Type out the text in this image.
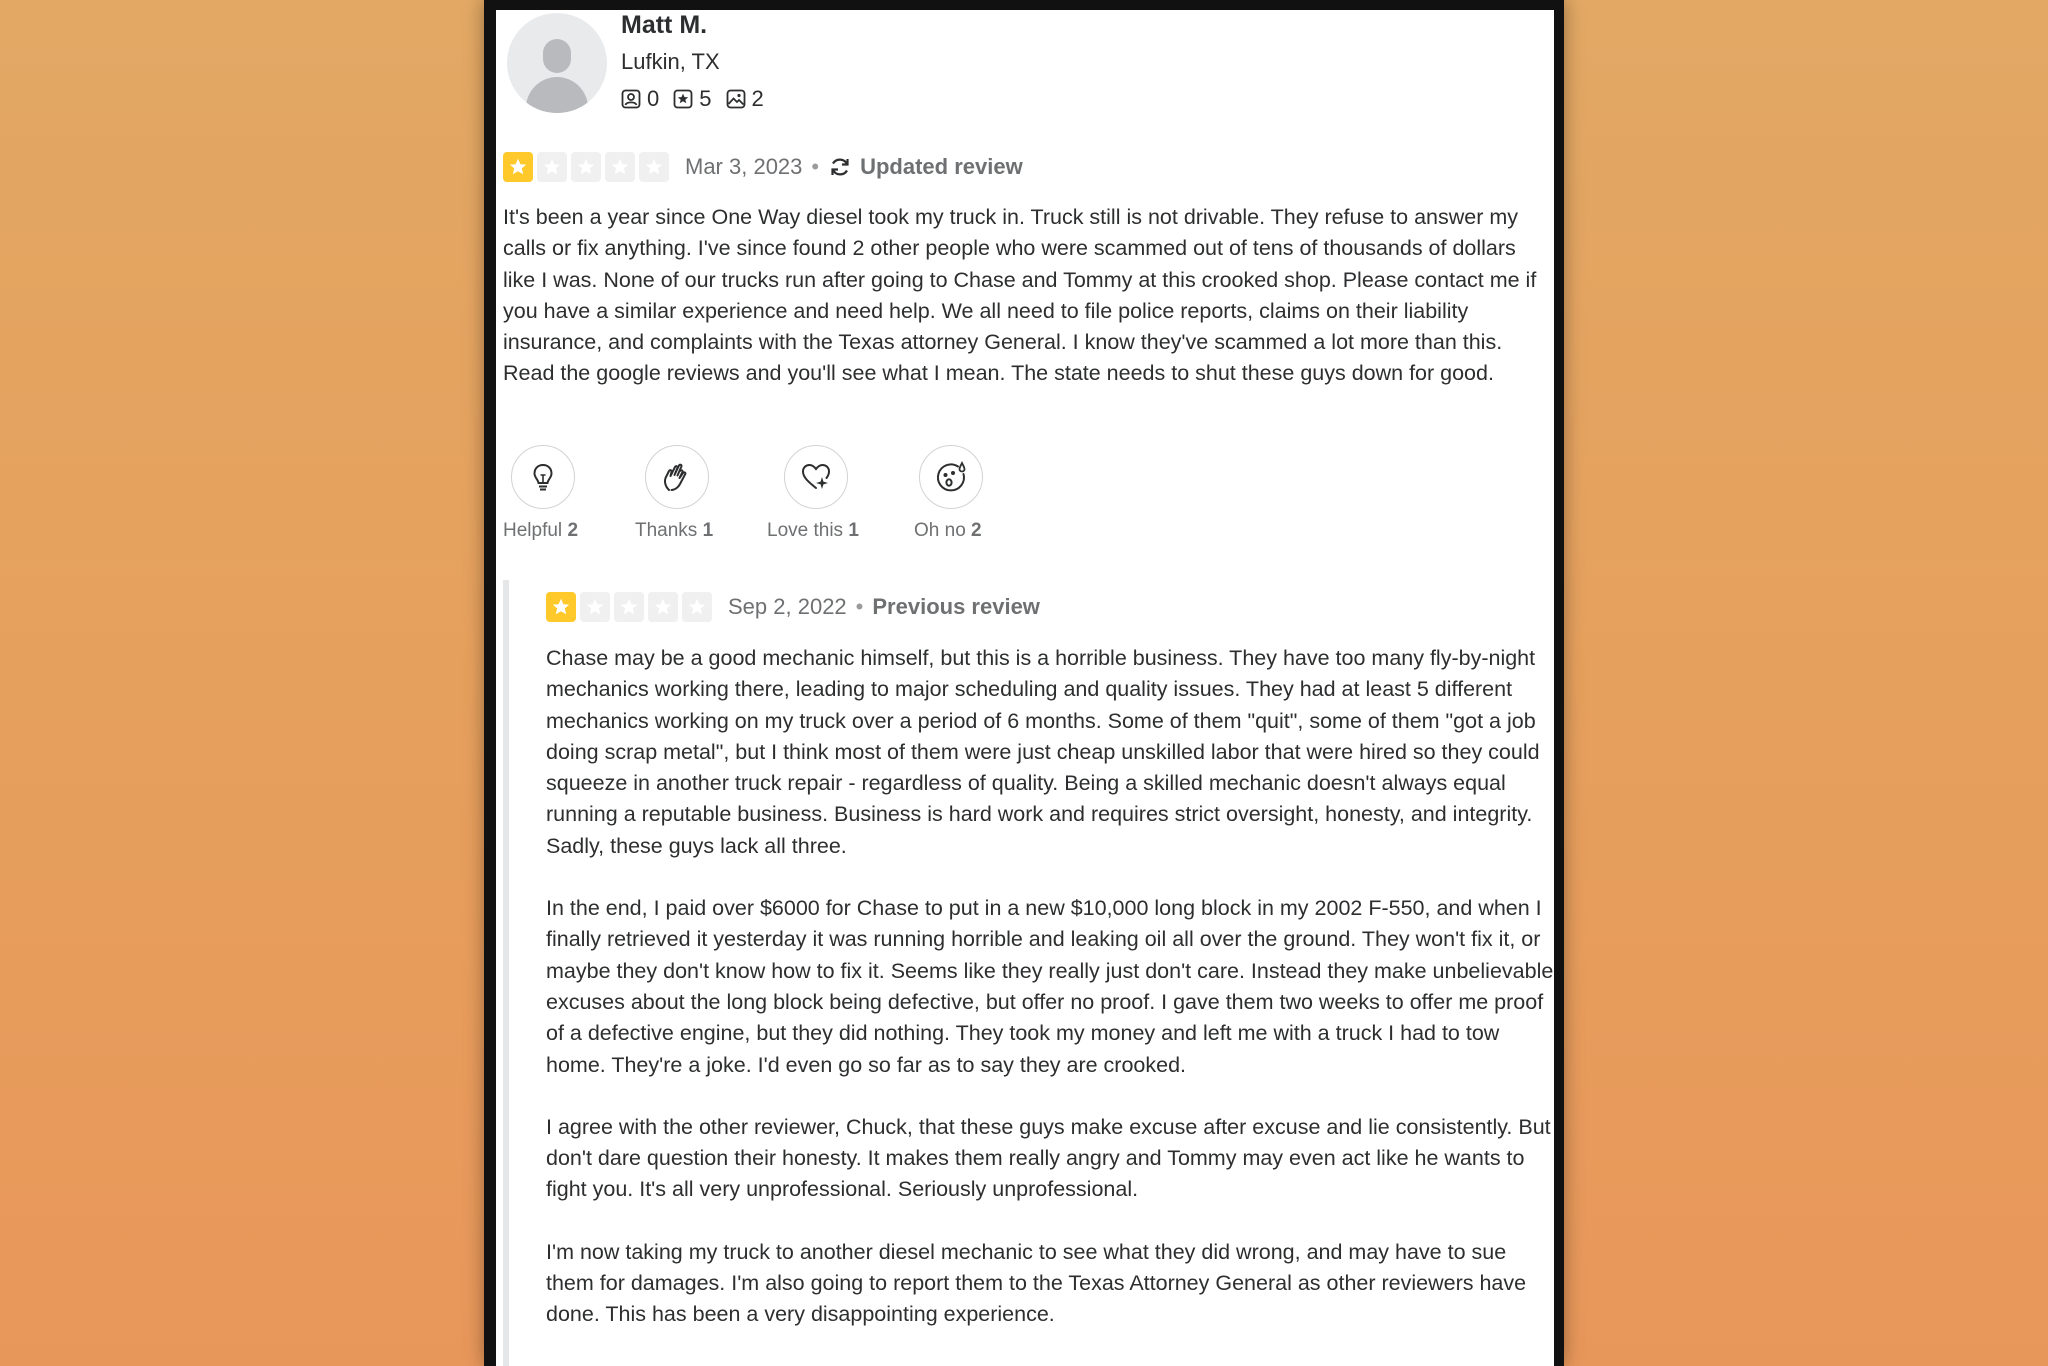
Matt M.
Lufkin, TX
0 5 2
Mar 3, 2023 • Updated review
It's been a year since One Way diesel took my truck in. Truck still is not drivable. They refuse to answer my calls or fix anything. I've since found 2 other people who were scammed out of tens of thousands of dollars like I was. None of our trucks run after going to Chase and Tommy at this crooked shop. Please contact me if you have a similar experience and need help. We all need to file police reports, claims on their liability insurance, and complaints with the Texas attorney General. I know they've scammed a lot more than this. Read the google reviews and you'll see what I mean. The state needs to shut these guys down for good.
Helpful 2	Thanks 1	Love this 1	Oh no 2
Sep 2, 2022 • Previous review

Chase may be a good mechanic himself, but this is a horrible business. They have too many fly-by-night mechanics working there, leading to major scheduling and quality issues. They had at least 5 different mechanics working on my truck over a period of 6 months. Some of them "quit", some of them "got a job doing scrap metal", but I think most of them were just cheap unskilled labor that were hired so they could squeeze in another truck repair - regardless of quality. Being a skilled mechanic doesn't always equal running a reputable business. Business is hard work and requires strict oversight, honesty, and integrity. Sadly, these guys lack all three.

In the end, I paid over $6000 for Chase to put in a new $10,000 long block in my 2002 F-550, and when I finally retrieved it yesterday it was running horrible and leaking oil all over the ground. They won't fix it, or maybe they don't know how to fix it. Seems like they really just don't care. Instead they make unbelievable excuses about the long block being defective, but offer no proof. I gave them two weeks to offer me proof of a defective engine, but they did nothing. They took my money and left me with a truck I had to tow home. They're a joke. I'd even go so far as to say they are crooked.

I agree with the other reviewer, Chuck, that these guys make excuse after excuse and lie consistently. But don't dare question their honesty. It makes them really angry and Tommy may even act like he wants to fight you. It's all very unprofessional. Seriously unprofessional.

I'm now taking my truck to another diesel mechanic to see what they did wrong, and may have to sue them for damages. I'm also going to report them to the Texas Attorney General as other reviewers have done. This has been a very disappointing experience.
